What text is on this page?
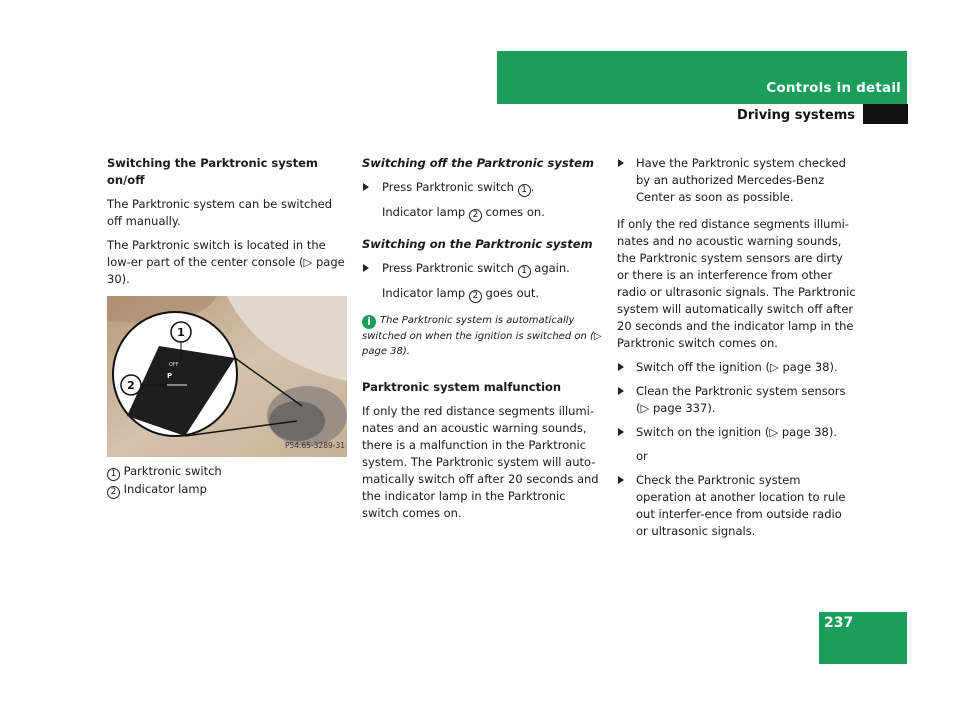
Controls in detail
Driving systems
Switching the Parktronic system on/off

The Parktronic system can be switched off manually.

The Parktronic switch is located in the low-er part of the center console (▷ page 30).

OFF
P
1
2
P54.65-3289-31
1 Parktronic switch
2 Indicator lamp
Switching off the Parktronic system
Press Parktronic switch 1 .
Indicator lamp 2 comes on.
Switching on the Parktronic system
Press Parktronic switch 1 again.
Indicator lamp 2 goes out.
i The Parktronic system is automatically switched on when the ignition is switched on (▷ page 38).
Parktronic system malfunction

If only the red distance segments illumi-nates and an acoustic warning sounds, there is a malfunction in the Parktronic system. The Parktronic system will auto-matically switch off after 20 seconds and the indicator lamp in the Parktronic switch comes on.

Have the Parktronic system checked by an authorized Mercedes-Benz Center as soon as possible.

If only the red distance segments illumi-nates and no acoustic warning sounds, the Parktronic system sensors are dirty or there is an interference from other radio or ultrasonic signals. The Parktronic system will automatically switch off after 20 seconds and the indicator lamp in the Parktronic switch comes on.

Switch off the ignition (▷ page 38).
Clean the Parktronic system sensors (▷ page 337).
Switch on the ignition (▷ page 38).
or
Check the Parktronic system operation at another location to rule out interfer-ence from outside radio or ultrasonic signals.
237
